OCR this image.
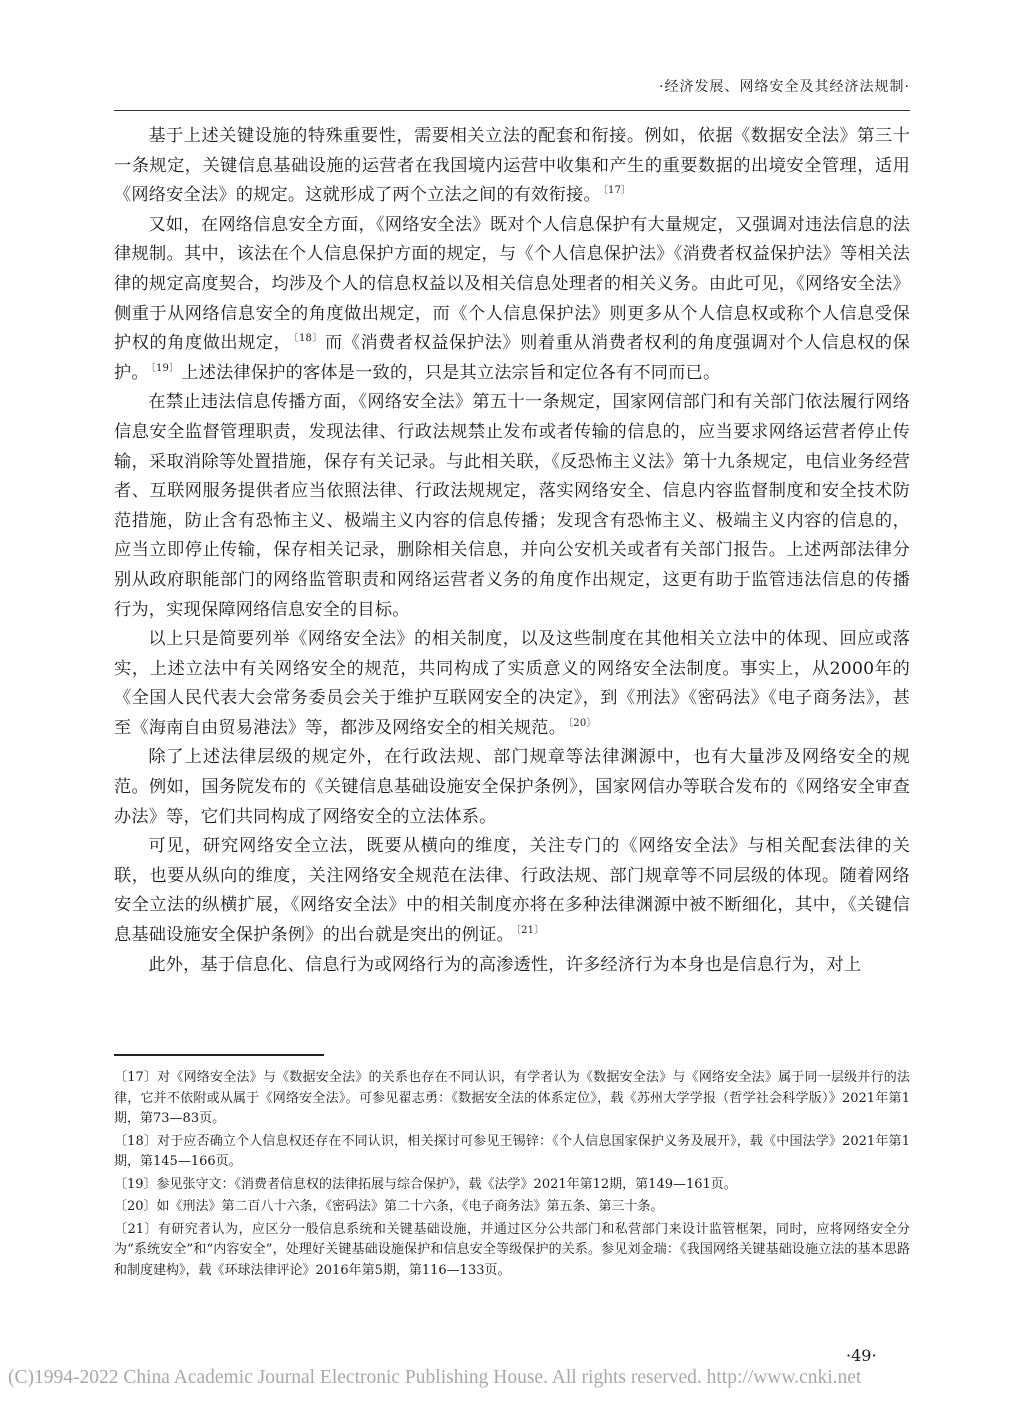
·经济发展、网络安全及其经济法规制·

基于上述关键设施的特殊重要性，需要相关立法的配套和衔接。例如，依据《数据安全法》第三十一条规定，关键信息基础设施的运营者在我国境内运营中收集和产生的重要数据的出境安全管理，适用《网络安全法》的规定。这就形成了两个立法之间的有效衔接。 $^{〔17〕}$

又如，在网络信息安全方面，《网络安全法》既对个人信息保护有大量规定，又强调对违法信息的法律规制。其中，该法在个人信息保护方面的规定，与《个人信息保护法》《消费者权益保护法》等相关法律的规定高度契合，均涉及个人的信息权益以及相关信息处理者的相关义务。由此可见，《网络安全法》侧重于从网络信息安全的角度做出规定，而《个人信息保护法》则更多从个人信息权或称个人信息受保护权的角度做出规定， $^{〔18〕}$ 而《消费者权益保护法》则着重从消费者权利的角度强调对个人信息权的保护。 $^{〔19〕}$ 上述法律保护的客体是一致的，只是其立法宗旨和定位各有不同而已。

在禁止违法信息传播方面，《网络安全法》第五十一条规定，国家网信部门和有关部门依法履行网络信息安全监督管理职责，发现法律、行政法规禁止发布或者传输的信息的，应当要求网络运营者停止传输，采取消除等处置措施，保存有关记录。与此相关联，《反恐怖主义法》第十九条规定，电信业务经营者、互联网服务提供者应当依照法律、行政法规规定，落实网络安全、信息内容监督制度和安全技术防范措施，防止含有恐怖主义、极端主义内容的信息传播；发现含有恐怖主义、极端主义内容的信息的，应当立即停止传输，保存相关记录，删除相关信息，并向公安机关或者有关部门报告。上述两部法律分别从政府职能部门的网络监管职责和网络运营者义务的角度作出规定，这更有助于监管违法信息的传播行为，实现保障网络信息安全的目标。

以上只是简要列举《网络安全法》的相关制度，以及这些制度在其他相关立法中的体现、回应或落实，上述立法中有关网络安全的规范，共同构成了实质意义的网络安全法制度。事实上，从2000年的《全国人民代表大会常务委员会关于维护互联网安全的决定》，到《刑法》《密码法》《电子商务法》，甚至《海南自由贸易港法》等，都涉及网络安全的相关规范。 $^{〔20〕}$

除了上述法律层级的规定外，在行政法规、部门规章等法律渊源中，也有大量涉及网络安全的规范。例如，国务院发布的《关键信息基础设施安全保护条例》，国家网信办等联合发布的《网络安全审查办法》等，它们共同构成了网络安全的立法体系。

可见，研究网络安全立法，既要从横向的维度，关注专门的《网络安全法》与相关配套法律的关联，也要从纵向的维度，关注网络安全规范在法律、行政法规、部门规章等不同层级的体现。随着网络安全立法的纵横扩展，《网络安全法》中的相关制度亦将在多种法律渊源中被不断细化，其中，《关键信息基础设施安全保护条例》的出台就是突出的例证。 $^{〔21〕}$

此外，基于信息化、信息行为或网络行为的高渗透性，许多经济行为本身也是信息行为，对上

〔17〕对《网络安全法》与《数据安全法》的关系也存在不同认识，有学者认为《数据安全法》与《网络安全法》属于同一层级并行的法律，它并不依附或从属于《网络安全法》。可参见翟志勇：《数据安全法的体系定位》，载《苏州大学学报（哲学社会科学版）》2021年第1期，第73—83页。

〔18〕对于应否确立个人信息权还存在不同认识，相关探讨可参见王锡锌：《个人信息国家保护义务及展开》，载《中国法学》2021年第1期，第145—166页。

〔19〕参见张守文：《消费者信息权的法律拓展与综合保护》，载《法学》2021年第12期，第149—161页。

〔20〕如《刑法》第二百八十六条，《密码法》第二十六条，《电子商务法》第五条、第三十条。

〔21〕有研究者认为，应区分一般信息系统和关键基础设施，并通过区分公共部门和私营部门来设计监管框架，同时，应将网络安全分为“系统安全”和“内容安全”，处理好关键基础设施保护和信息安全等级保护的关系。参见刘金瑞：《我国网络关键基础设施立法的基本思路和制度建构》，载《环球法律评论》2016年第5期，第116—133页。

·49·
(C)1994-2022 China Academic Journal Electronic Publishing House. All rights reserved. http://www.cnki.net
